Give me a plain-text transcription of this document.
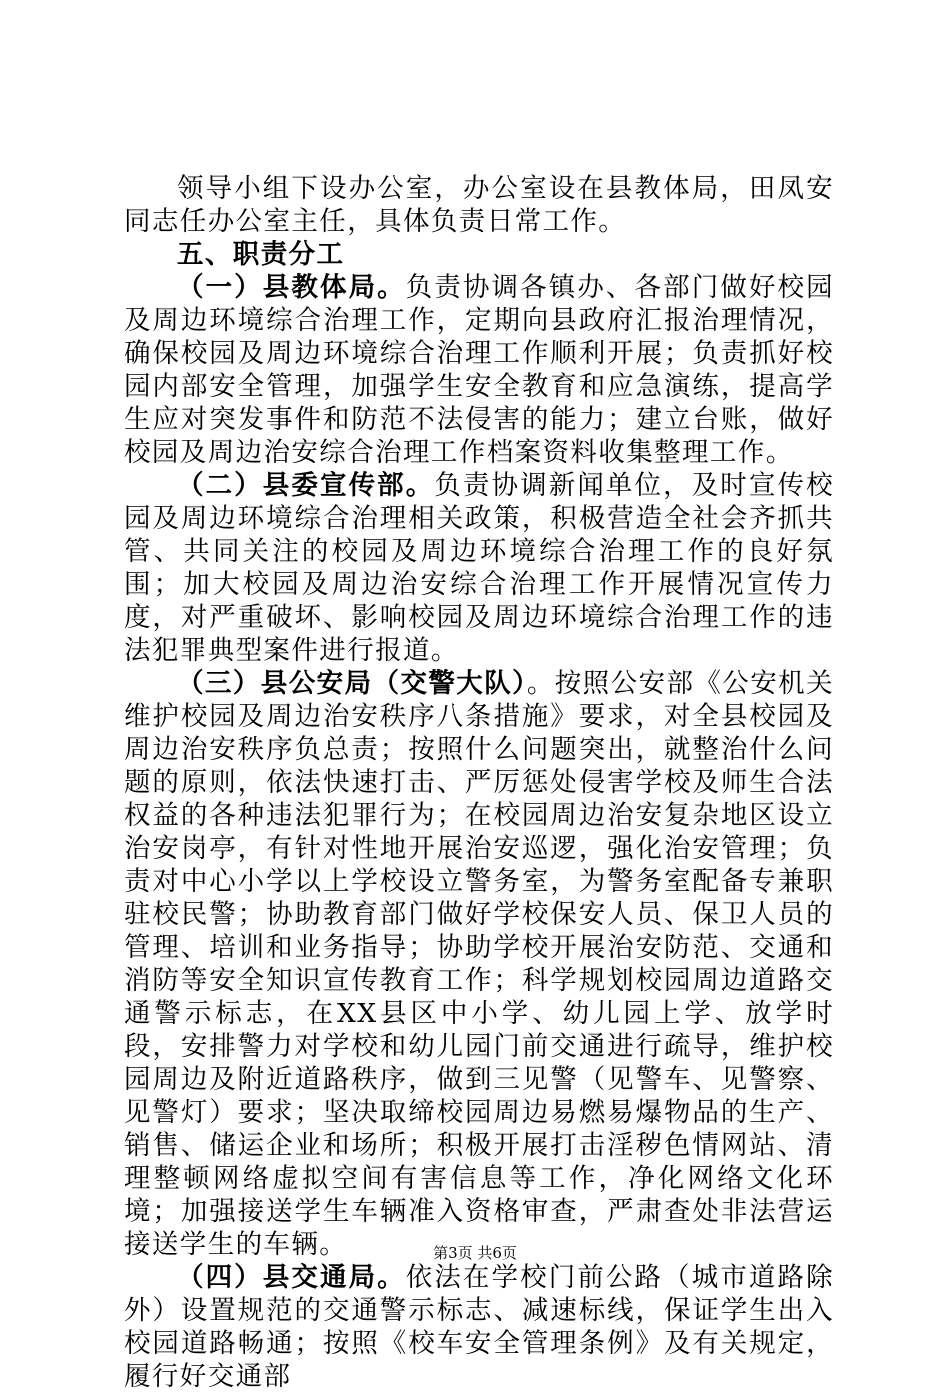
领导小组下设办公室，办公室设在县教体局，田凤安同志任办公室主任，具体负责日常工作。

五、职责分工

（一）县教体局。负责协调各镇办、各部门做好校园及周边环境综合治理工作，定期向县政府汇报治理情况，确保校园及周边环境综合治理工作顺利开展；负责抓好校园内部安全管理，加强学生安全教育和应急演练，提高学生应对突发事件和防范不法侵害的能力；建立台账，做好校园及周边治安综合治理工作档案资料收集整理工作。

（二）县委宣传部。负责协调新闻单位，及时宣传校园及周边环境综合治理相关政策，积极营造全社会齐抓共管、共同关注的校园及周边环境综合治理工作的良好氛围；加大校园及周边治安综合治理工作开展情况宣传力度，对严重破坏、影响校园及周边环境综合治理工作的违法犯罪典型案件进行报道。

（三）县公安局（交警大队）。按照公安部《公安机关维护校园及周边治安秩序八条措施》要求，对全县校园及周边治安秩序负总责；按照什么问题突出，就整治什么问题的原则，依法快速打击、严厉惩处侵害学校及师生合法权益的各种违法犯罪行为；在校园周边治安复杂地区设立治安岗亭，有针对性地开展治安巡逻，强化治安管理；负责对中心小学以上学校设立警务室，为警务室配备专兼职驻校民警；协助教育部门做好学校保安人员、保卫人员的管理、培训和业务指导；协助学校开展治安防范、交通和消防等安全知识宣传教育工作；科学规划校园周边道路交通警示标志，在XX县区中小学、幼儿园上学、放学时段，安排警力对学校和幼儿园门前交通进行疏导，维护校园周边及附近道路秩序，做到三见警（见警车、见警察、见警灯）要求；坚决取缔校园周边易燃易爆物品的生产、销售、储运企业和场所；积极开展打击淫秽色情网站、清理整顿网络虚拟空间有害信息等工作，净化网络文化环境；加强接送学生车辆准入资格审查，严肃查处非法营运接送学生的车辆。

（四）县交通局。依法在学校门前公路（城市道路除外）设置规范的交通警示标志、减速标线，保证学生出入校园道路畅通；按照《校车安全管理条例》及有关规定，履行好交通部

第3页 共6页
